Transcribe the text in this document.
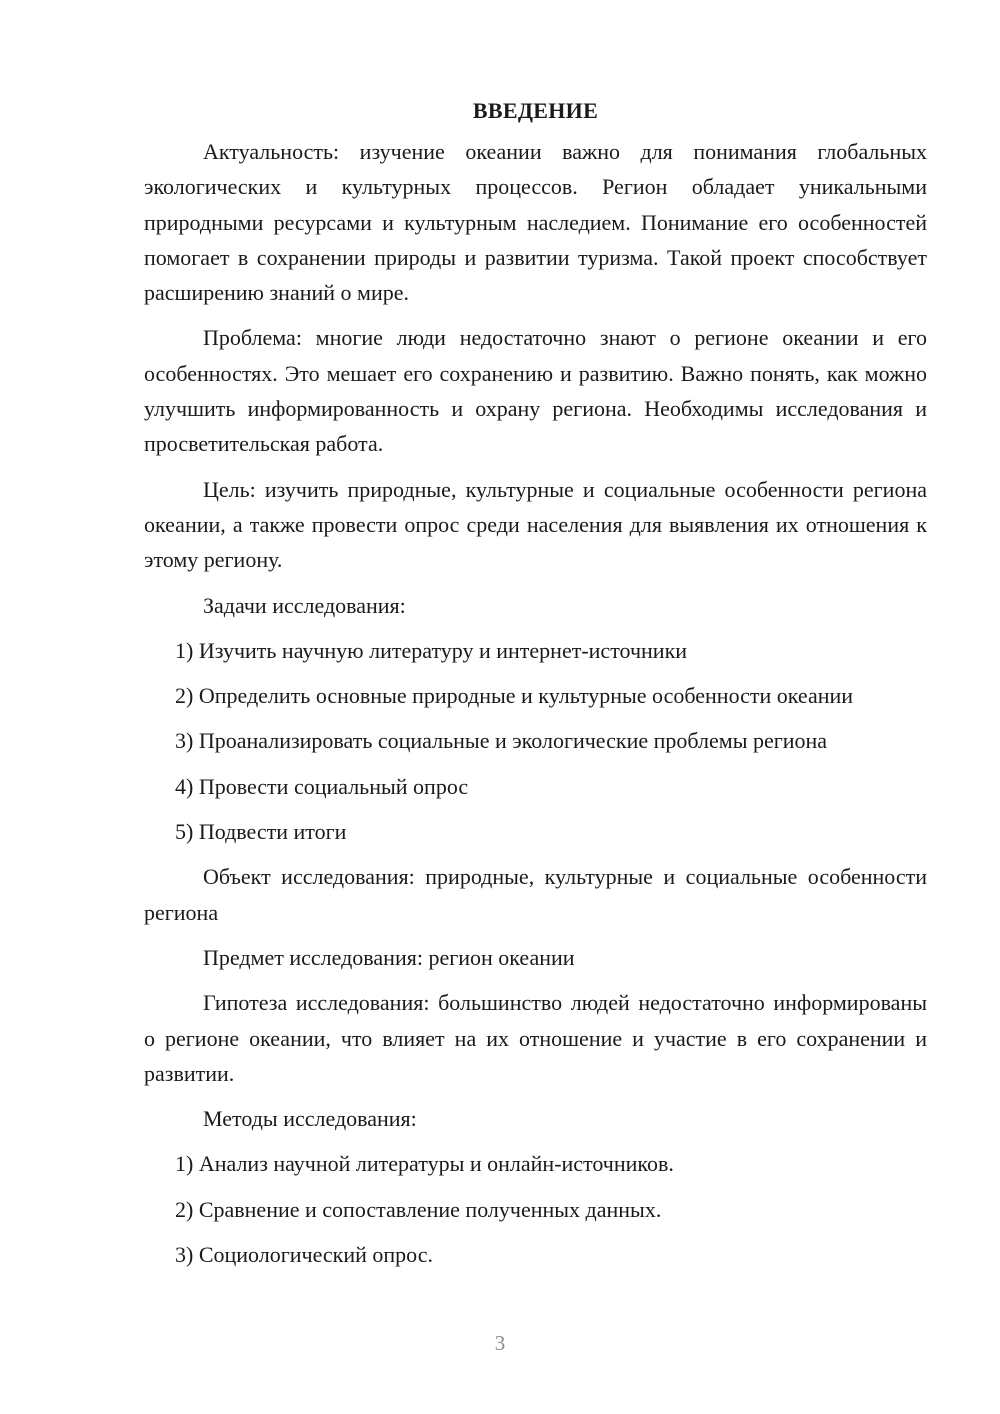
ВВЕДЕНИЕ

Актуальность: изучение океании важно для понимания глобальных экологических и культурных процессов. Регион обладает уникальными природными ресурсами и культурным наследием. Понимание его особенностей помогает в сохранении природы и развитии туризма. Такой проект способствует расширению знаний о мире.

Проблема: многие люди недостаточно знают о регионе океании и его особенностях. Это мешает его сохранению и развитию. Важно понять, как можно улучшить информированность и охрану региона. Необходимы исследования и просветительская работа.

Цель: изучить природные, культурные и социальные особенности региона океании, а также провести опрос среди населения для выявления их отношения к этому региону.

Задачи исследования:

1) Изучить научную литературу и интернет-источники

2) Определить основные природные и культурные особенности океании

3) Проанализировать социальные и экологические проблемы региона

4) Провести социальный опрос

5) Подвести итоги

Объект исследования: природные, культурные и социальные особенности региона

Предмет исследования: регион океании

Гипотеза исследования: большинство людей недостаточно информированы о регионе океании, что влияет на их отношение и участие в его сохранении и развитии.

Методы исследования:

1) Анализ научной литературы и онлайн-источников.

2) Сравнение и сопоставление полученных данных.

3) Социологический опрос.

3
